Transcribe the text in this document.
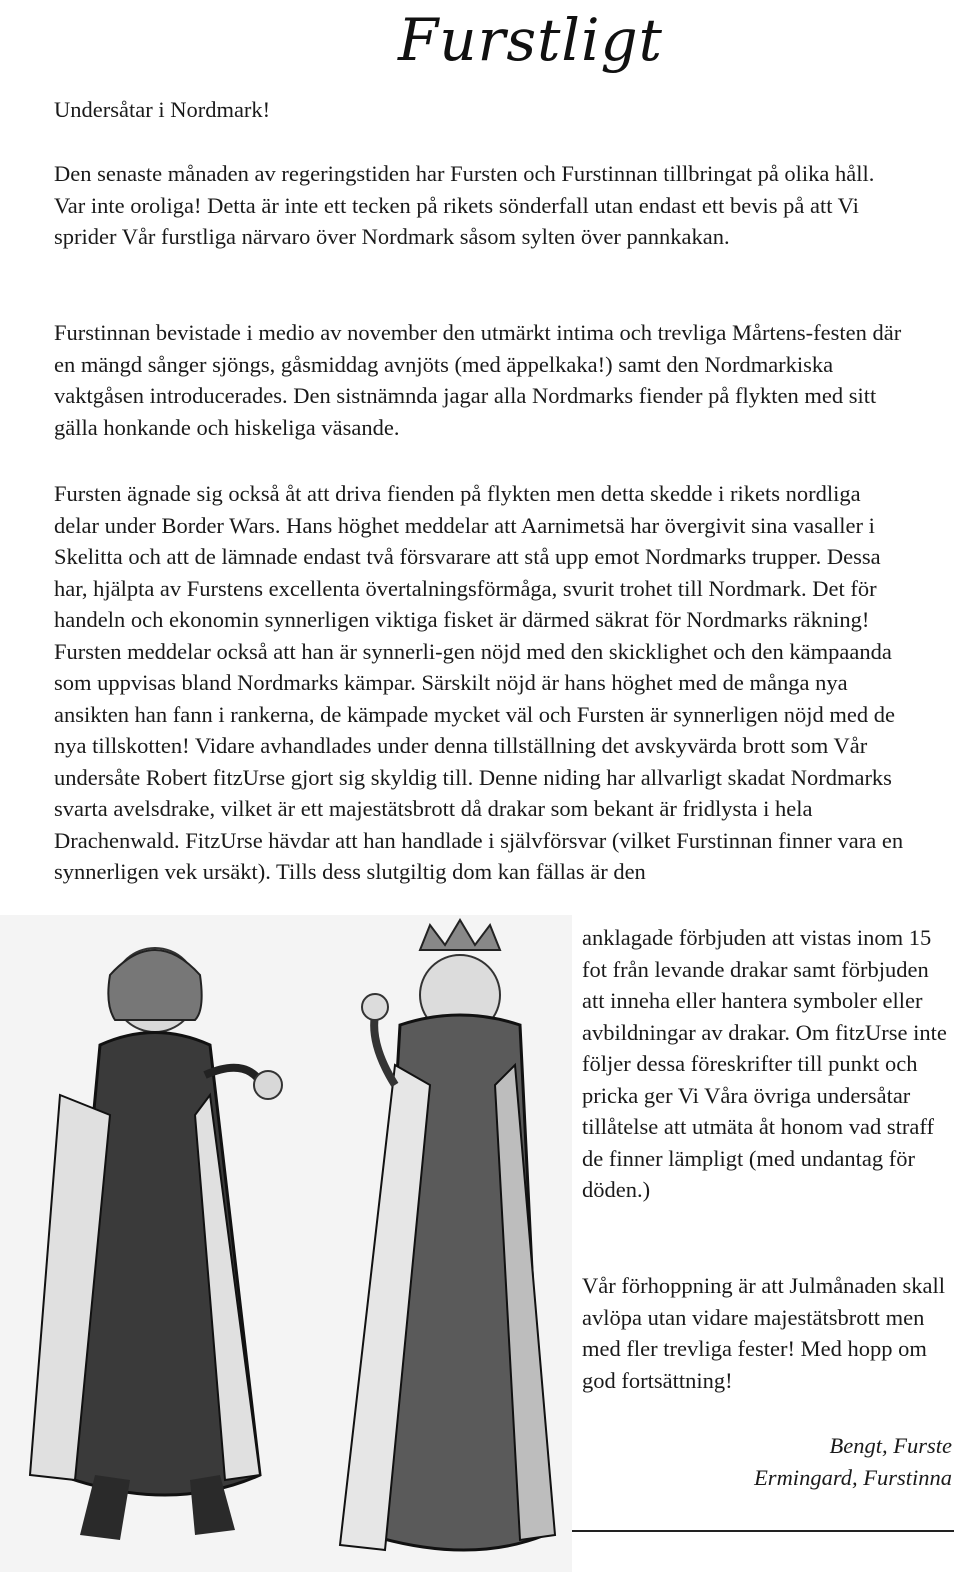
Furstligt
Undersåtar i Nordmark!

Den senaste månaden av regeringstiden har Fursten och Furstinnan tillbringat på olika håll. Var inte oroliga! Detta är inte ett tecken på rikets sönderfall utan endast ett bevis på att Vi sprider Vår furstliga närvaro över Nordmark såsom sylten över pannkakan.

Furstinnan bevistade i medio av november den utmärkt intima och trevliga Mårtens-festen där en mängd sånger sjöngs, gåsmiddag avnjöts (med äppelkaka!) samt den Nordmarkiska vaktgåsen introducerades. Den sistnämnda jagar alla Nordmarks fiender på flykten med sitt gälla honkande och hiskeliga väsande.

Fursten ägnade sig också åt att driva fienden på flykten men detta skedde i rikets nordliga delar under Border Wars. Hans höghet meddelar att Aarnimetsä har övergivit sina vasaller i Skelitta och att de lämnade endast två försvarare att stå upp emot Nordmarks trupper. Dessa har, hjälpta av Furstens excellenta övertalningsförmåga, svurit trohet till Nordmark. Det för handeln och ekonomin synnerligen viktiga fisket är därmed säkrat för Nordmarks räkning! Fursten meddelar också att han är synnerli-gen nöjd med den skicklighet och den kämpaanda som uppvisas bland Nordmarks kämpar. Särskilt nöjd är hans höghet med de många nya ansikten han fann i rankerna, de kämpade mycket väl och Fursten är synnerligen nöjd med de nya tillskotten! Vidare avhandlades under denna tillställning det avskyvärda brott som Vår undersåte Robert fitzUrse gjort sig skyldig till. Denne niding har allvarligt skadat Nordmarks svarta avelsdrake, vilket är ett majestätsbrott då drakar som bekant är fridlysta i hela Drachenwald. FitzUrse hävdar att han handlade i självförsvar (vilket Furstinnan finner vara en synnerligen vek ursäkt). Tills dess slutgiltig dom kan fällas är den

anklagade förbjuden att vistas inom 15 fot från levande drakar samt förbjuden att inneha eller hantera symboler eller avbildningar av drakar. Om fitzUrse inte följer dessa föreskrifter till punkt och pricka ger Vi Våra övriga undersåtar tillåtelse att utmäta åt honom vad straff de finner lämpligt (med undantag för döden.)

Vår förhoppning är att Julmånaden skall avlöpa utan vidare majestätsbrott men med fler trevliga fester! Med hopp om god fortsättning!

Bengt, Furste
Ermingard, Furstinna
